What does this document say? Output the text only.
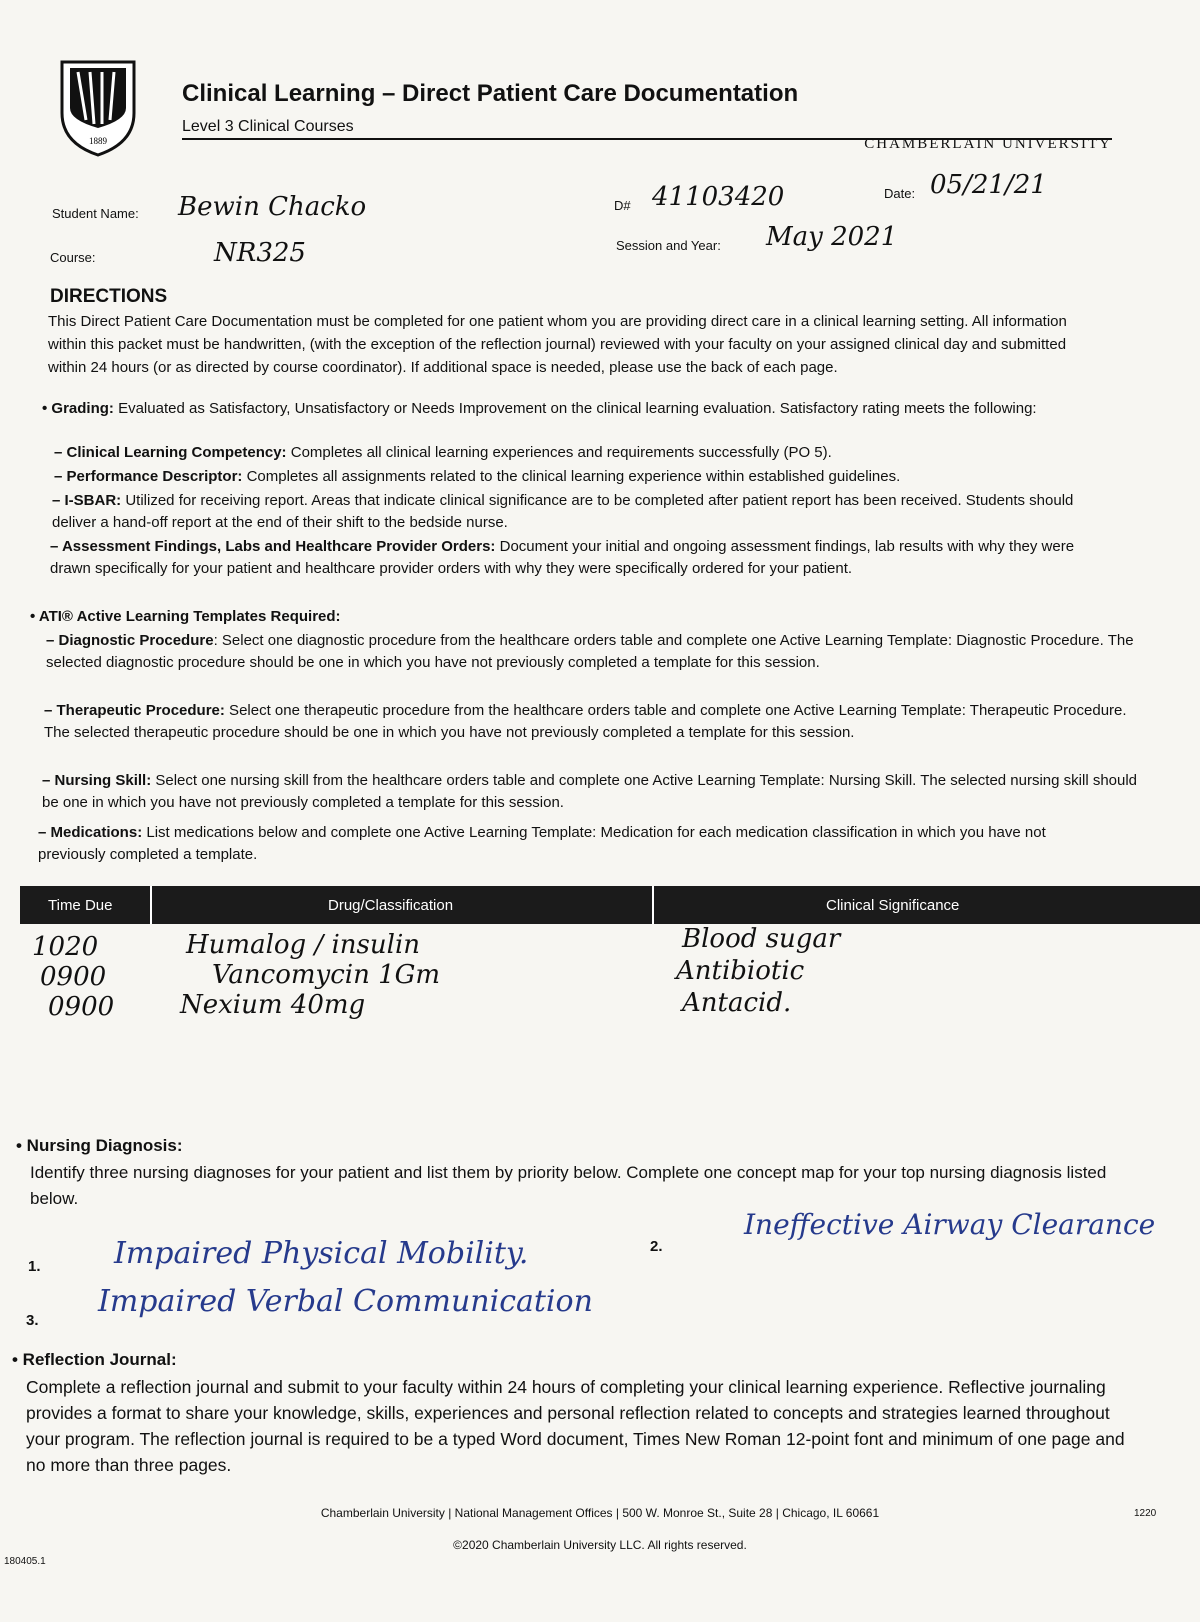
1889
Clinical Learning – Direct Patient Care Documentation
Level 3 Clinical Courses
CHAMBERLAIN UNIVERSITY
Student Name: Bewin Chacko	D# 41103420	Date: 05/21/21
Course:	NR325	Session and Year: May 2021
DIRECTIONS
This Direct Patient Care Documentation must be completed for one patient whom you are providing direct care in a clinical learning setting. All information within this packet must be handwritten, (with the exception of the reflection journal) reviewed with your faculty on your assigned clinical day and submitted within 24 hours (or as directed by course coordinator). If additional space is needed, please use the back of each page.
• Grading: Evaluated as Satisfactory, Unsatisfactory or Needs Improvement on the clinical learning evaluation. Satisfactory rating meets the following:
– Clinical Learning Competency: Completes all clinical learning experiences and requirements successfully (PO 5).
– Performance Descriptor: Completes all assignments related to the clinical learning experience within established guidelines.
– I-SBAR: Utilized for receiving report. Areas that indicate clinical significance are to be completed after patient report has been received. Students should deliver a hand-off report at the end of their shift to the bedside nurse.
– Assessment Findings, Labs and Healthcare Provider Orders: Document your initial and ongoing assessment findings, lab results with why they were drawn specifically for your patient and healthcare provider orders with why they were specifically ordered for your patient.
• ATI® Active Learning Templates Required:
– Diagnostic Procedure: Select one diagnostic procedure from the healthcare orders table and complete one Active Learning Template: Diagnostic Procedure. The selected diagnostic procedure should be one in which you have not previously completed a template for this session.
– Therapeutic Procedure: Select one therapeutic procedure from the healthcare orders table and complete one Active Learning Template: Therapeutic Procedure. The selected therapeutic procedure should be one in which you have not previously completed a template for this session.
– Nursing Skill: Select one nursing skill from the healthcare orders table and complete one Active Learning Template: Nursing Skill. The selected nursing skill should be one in which you have not previously completed a template for this session.
– Medications: List medications below and complete one Active Learning Template: Medication for each medication classification in which you have not previously completed a template.
Time Due	Drug/Classification	Clinical Significance
1020	Humalog / insulin	Blood sugar
0900	Vancomycin 1Gm	Antibiotic
0900	Nexium 40mg	Antacid.
• Nursing Diagnosis:
Identify three nursing diagnoses for your patient and list them by priority below. Complete one concept map for your top nursing diagnosis listed below.
1. Impaired Physical Mobility.	2.
Ineffective Airway Clearance
3.
Impaired Verbal Communication
• Reflection Journal:
Complete a reflection journal and submit to your faculty within 24 hours of completing your clinical learning experience. Reflective journaling provides a format to share your knowledge, skills, experiences and personal reflection related to concepts and strategies learned throughout your program. The reflection journal is required to be a typed Word document, Times New Roman 12-point font and minimum of one page and no more than three pages.
Chamberlain University | National Management Offices | 500 W. Monroe St., Suite 28 | Chicago, IL 60661
©2020 Chamberlain University LLC. All rights reserved.
180405.1
1220
